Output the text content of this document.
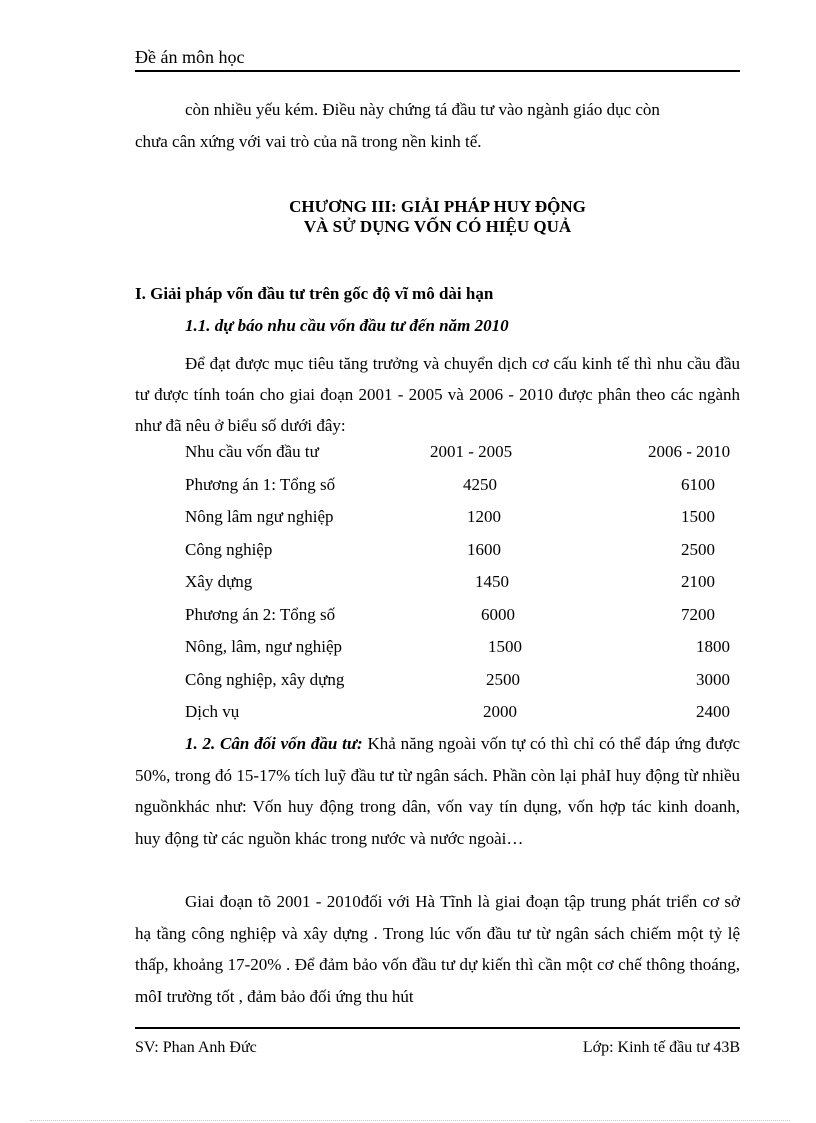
Đề án môn học
còn nhiều yếu kém. Điều này chứng tá đầu tư vào ngành giáo dục còn
chưa cân xứng với vai trò của nã trong nền kinh tế.
CHƯƠNG III: GIẢI PHÁP HUY ĐỘNG
VÀ SỬ DỤNG VỐN CÓ HIỆU QUẢ
I. Giải pháp vốn đầu tư trên gốc độ vĩ mô dài hạn
1.1. dự báo nhu cầu vốn đầu tư đến năm 2010
Để đạt được mục tiêu tăng trưởng và chuyển dịch cơ cấu kinh tế thì nhu cầu đầu tư được tính toán cho giai đoạn 2001 - 2005 và 2006 - 2010 được phân theo các ngành như đã nêu ở biểu số dưới đây:
Nhu cầu vốn đầu tư	2001 - 2005	2006 - 2010
Phương án 1: Tổng số	4250	6100
Nông lâm ngư nghiệp	1200	1500
Công nghiệp	1600	2500
Xây dựng	1450	2100
Phương án 2: Tổng số	6000	7200
Nông, lâm, ngư nghiệp	1500	1800
Công nghiệp, xây dựng	2500	3000
Dịch vụ	2000	2400
1. 2. Cân đối vốn đầu tư: Khả năng ngoài vốn tự có thì chỉ có thể đáp ứng được 50%, trong đó 15-17% tích luỹ đầu tư từ ngân sách. Phần còn lại phảI huy động từ nhiều nguồnkhác như: Vốn huy động trong dân, vốn vay tín dụng, vốn hợp tác kinh doanh, huy động từ các nguồn khác trong nước và nước ngoài…
Giai đoạn tõ 2001 - 2010đối với Hà Tĩnh là giai đoạn tập trung phát triển cơ sở hạ tầng công nghiệp và xây dựng . Trong lúc vốn đầu tư từ ngân sách chiếm một tỷ lệ thấp, khoảng 17-20% . Để đảm bảo vốn đầu tư dự kiến thì cần một cơ chế thông thoáng, môI trường tốt , đảm bảo đối ứng thu hút
SV: Phan Anh Đức	Lớp: Kinh tế đầu tư 43B
